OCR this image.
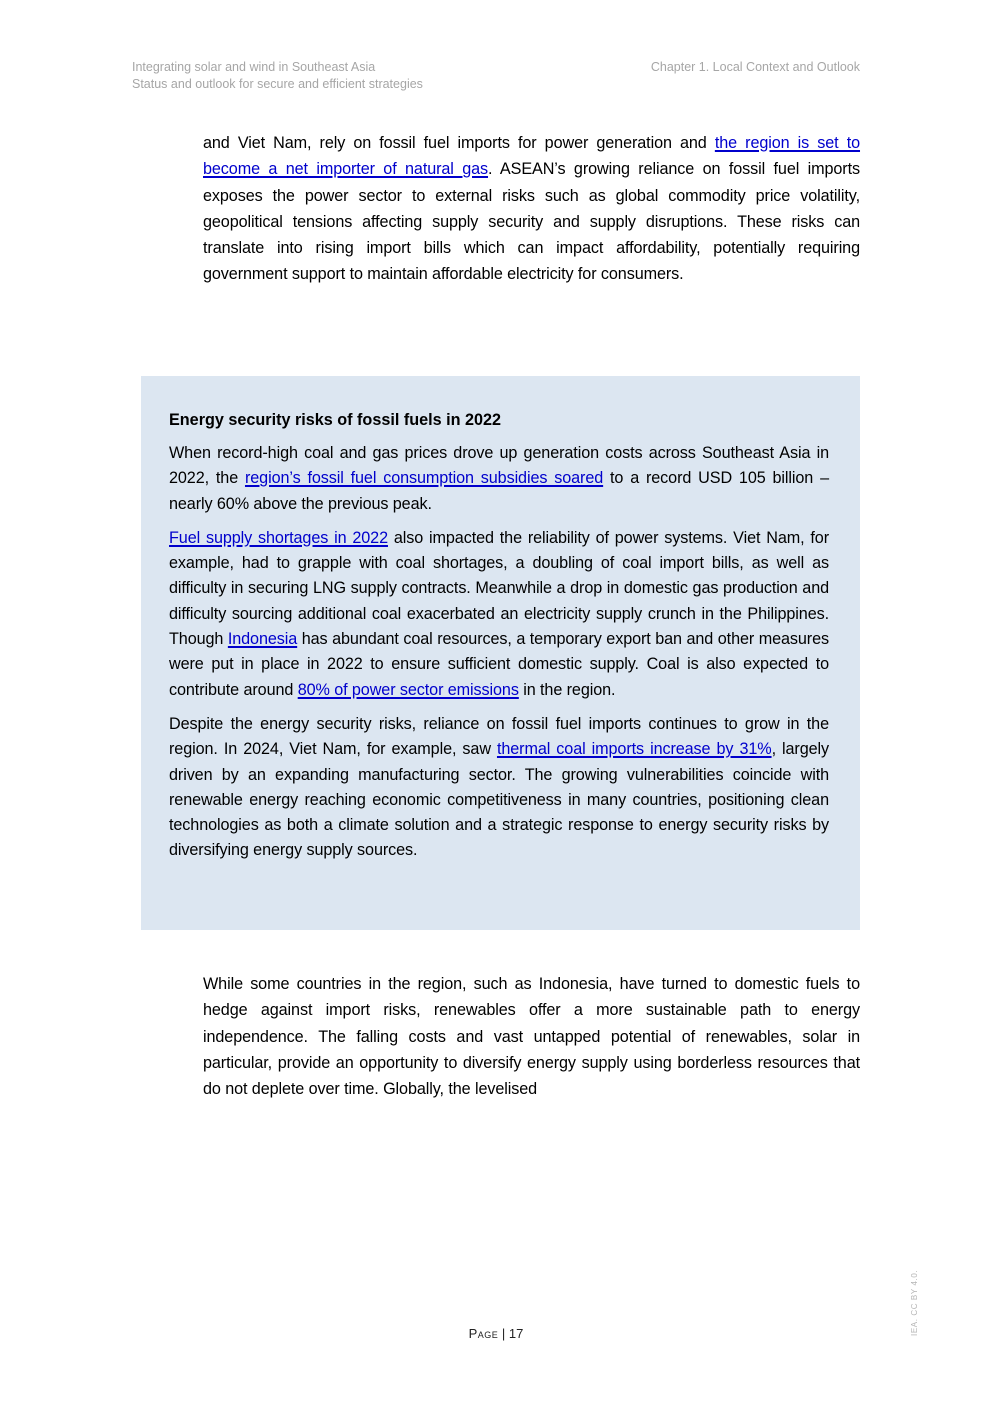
Integrating solar and wind in Southeast Asia
Status and outlook for secure and efficient strategies
Chapter 1. Local Context and Outlook

and Viet Nam, rely on fossil fuel imports for power generation and the region is set to become a net importer of natural gas. ASEAN’s growing reliance on fossil fuel imports exposes the power sector to external risks such as global commodity price volatility, geopolitical tensions affecting supply security and supply disruptions. These risks can translate into rising import bills which can impact affordability, potentially requiring government support to maintain affordable electricity for consumers.

Energy security risks of fossil fuels in 2022

When record-high coal and gas prices drove up generation costs across Southeast Asia in 2022, the region’s fossil fuel consumption subsidies soared to a record USD 105 billion – nearly 60% above the previous peak.

Fuel supply shortages in 2022 also impacted the reliability of power systems. Viet Nam, for example, had to grapple with coal shortages, a doubling of coal import bills, as well as difficulty in securing LNG supply contracts. Meanwhile a drop in domestic gas production and difficulty sourcing additional coal exacerbated an electricity supply crunch in the Philippines. Though Indonesia has abundant coal resources, a temporary export ban and other measures were put in place in 2022 to ensure sufficient domestic supply. Coal is also expected to contribute around 80% of power sector emissions in the region.

Despite the energy security risks, reliance on fossil fuel imports continues to grow in the region. In 2024, Viet Nam, for example, saw thermal coal imports increase by 31%, largely driven by an expanding manufacturing sector. The growing vulnerabilities coincide with renewable energy reaching economic competitiveness in many countries, positioning clean technologies as both a climate solution and a strategic response to energy security risks by diversifying energy supply sources.

While some countries in the region, such as Indonesia, have turned to domestic fuels to hedge against import risks, renewables offer a more sustainable path to energy independence. The falling costs and vast untapped potential of renewables, solar in particular, provide an opportunity to diversify energy supply using borderless resources that do not deplete over time. Globally, the levelised

Page | 17	IEA. CC BY 4.0.
